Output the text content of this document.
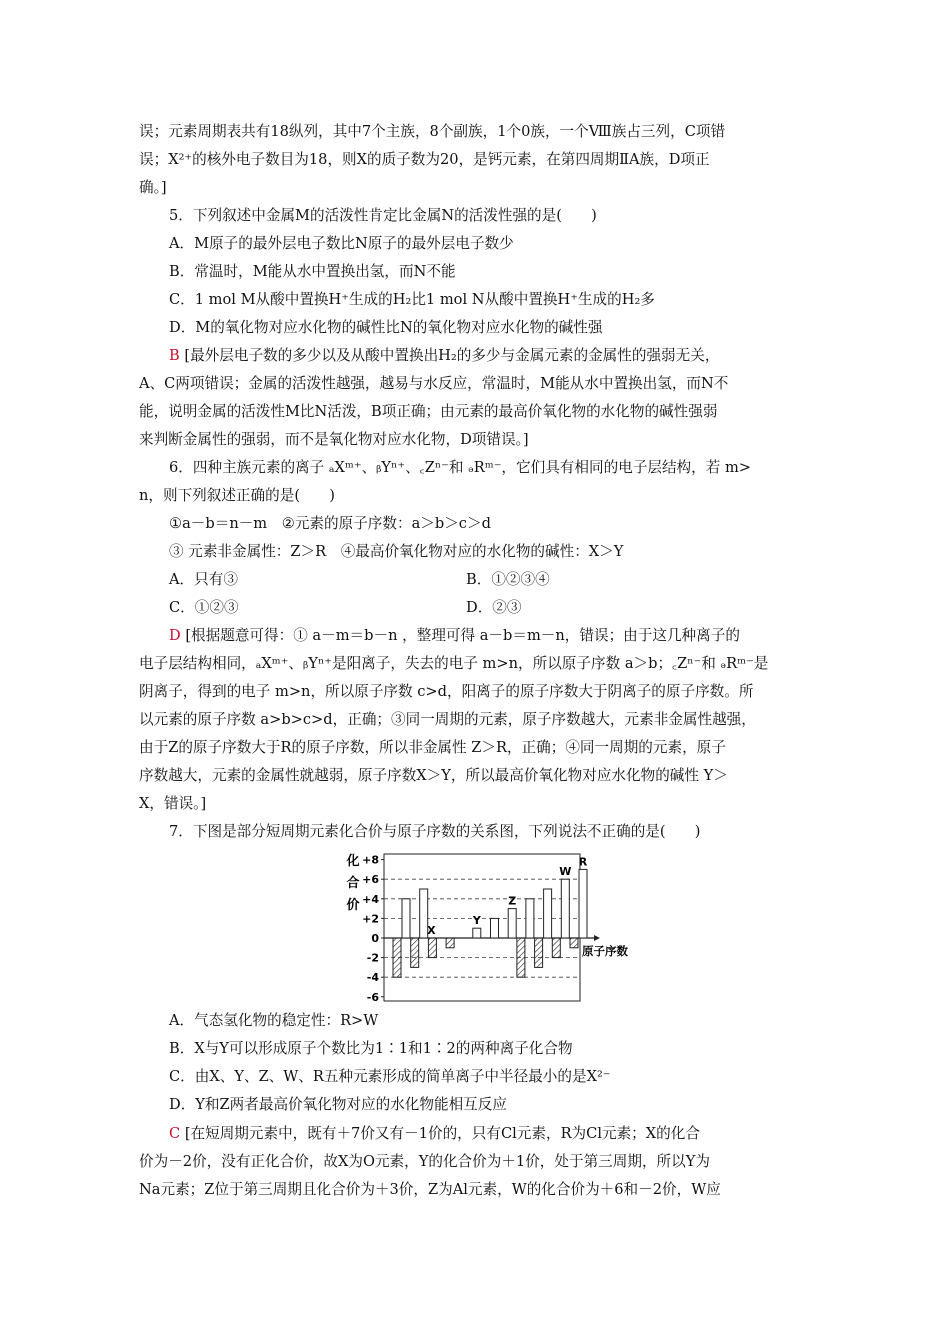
误；元素周期表共有18纵列，其中7个主族，8个副族，1个0族，一个Ⅷ族占三列，C项错
误；X²⁺的核外电子数目为18，则X的质子数为20，是钙元素，在第四周期ⅡA族，D项正
确。]
5．下列叙述中金属M的活泼性肯定比金属N的活泼性强的是(　　)
A．M原子的最外层电子数比N原子的最外层电子数少
B．常温时，M能从水中置换出氢，而N不能
C．1 mol M从酸中置换H⁺生成的H₂比1 mol N从酸中置换H⁺生成的H₂多
D．M的氧化物对应水化物的碱性比N的氧化物对应水化物的碱性强
B [最外层电子数的多少以及从酸中置换出H₂的多少与金属元素的金属性的强弱无关，
A、C两项错误；金属的活泼性越强，越易与水反应，常温时，M能从水中置换出氢，而N不
能，说明金属的活泼性M比N活泼，B项正确；由元素的最高价氧化物的水化物的碱性强弱
来判断金属性的强弱，而不是氧化物对应水化物，D项错误。]
6．四种主族元素的离子 ₐXᵐ⁺、ᵦYⁿ⁺、꜀Zⁿ⁻和 ₔRᵐ⁻，它们具有相同的电子层结构，若 m>
n，则下列叙述正确的是(　　)
①a－b＝n－m　②元素的原子序数：a＞b＞c＞d
③ 元素非金属性：Z＞R　④最高价氧化物对应的水化物的碱性：X＞Y
A．只有③	B．①②③④
C．①②③	D．②③
D [根据题意可得：① a－m＝b－n ，整理可得 a－b＝m－n，错误；由于这几种离子的
电子层结构相同，ₐXᵐ⁺、ᵦYⁿ⁺是阳离子，失去的电子 m>n，所以原子序数 a＞b；꜀Zⁿ⁻和 ₔRᵐ⁻是
阴离子，得到的电子 m>n，所以原子序数 c>d，阳离子的原子序数大于阴离子的原子序数。所
以元素的原子序数 a>b>c>d，正确；③同一周期的元素，原子序数越大，元素非金属性越强，
由于Z的原子序数大于R的原子序数，所以非金属性 Z＞R，正确；④同一周期的元素，原子
序数越大，元素的金属性就越弱，原子序数X＞Y，所以最高价氧化物对应水化物的碱性 Y＞
X，错误。]
7．下图是部分短周期元素化合价与原子序数的关系图，下列说法不正确的是(　　)
+8
+6
+4
+2
0
-2
-4
-6
原子序数
化
合
价
X
Y
Z
W
R
A．气态氢化物的稳定性：R>W
B．X与Y可以形成原子个数比为1∶1和1∶2的两种离子化合物
C．由X、Y、Z、W、R五种元素形成的简单离子中半径最小的是X²⁻
D．Y和Z两者最高价氧化物对应的水化物能相互反应
C [在短周期元素中，既有＋7价又有－1价的，只有Cl元素，R为Cl元素；X的化合
价为－2价，没有正化合价，故X为O元素，Y的化合价为＋1价，处于第三周期，所以Y为
Na元素；Z位于第三周期且化合价为＋3价，Z为Al元素，W的化合价为＋6和－2价，W应
